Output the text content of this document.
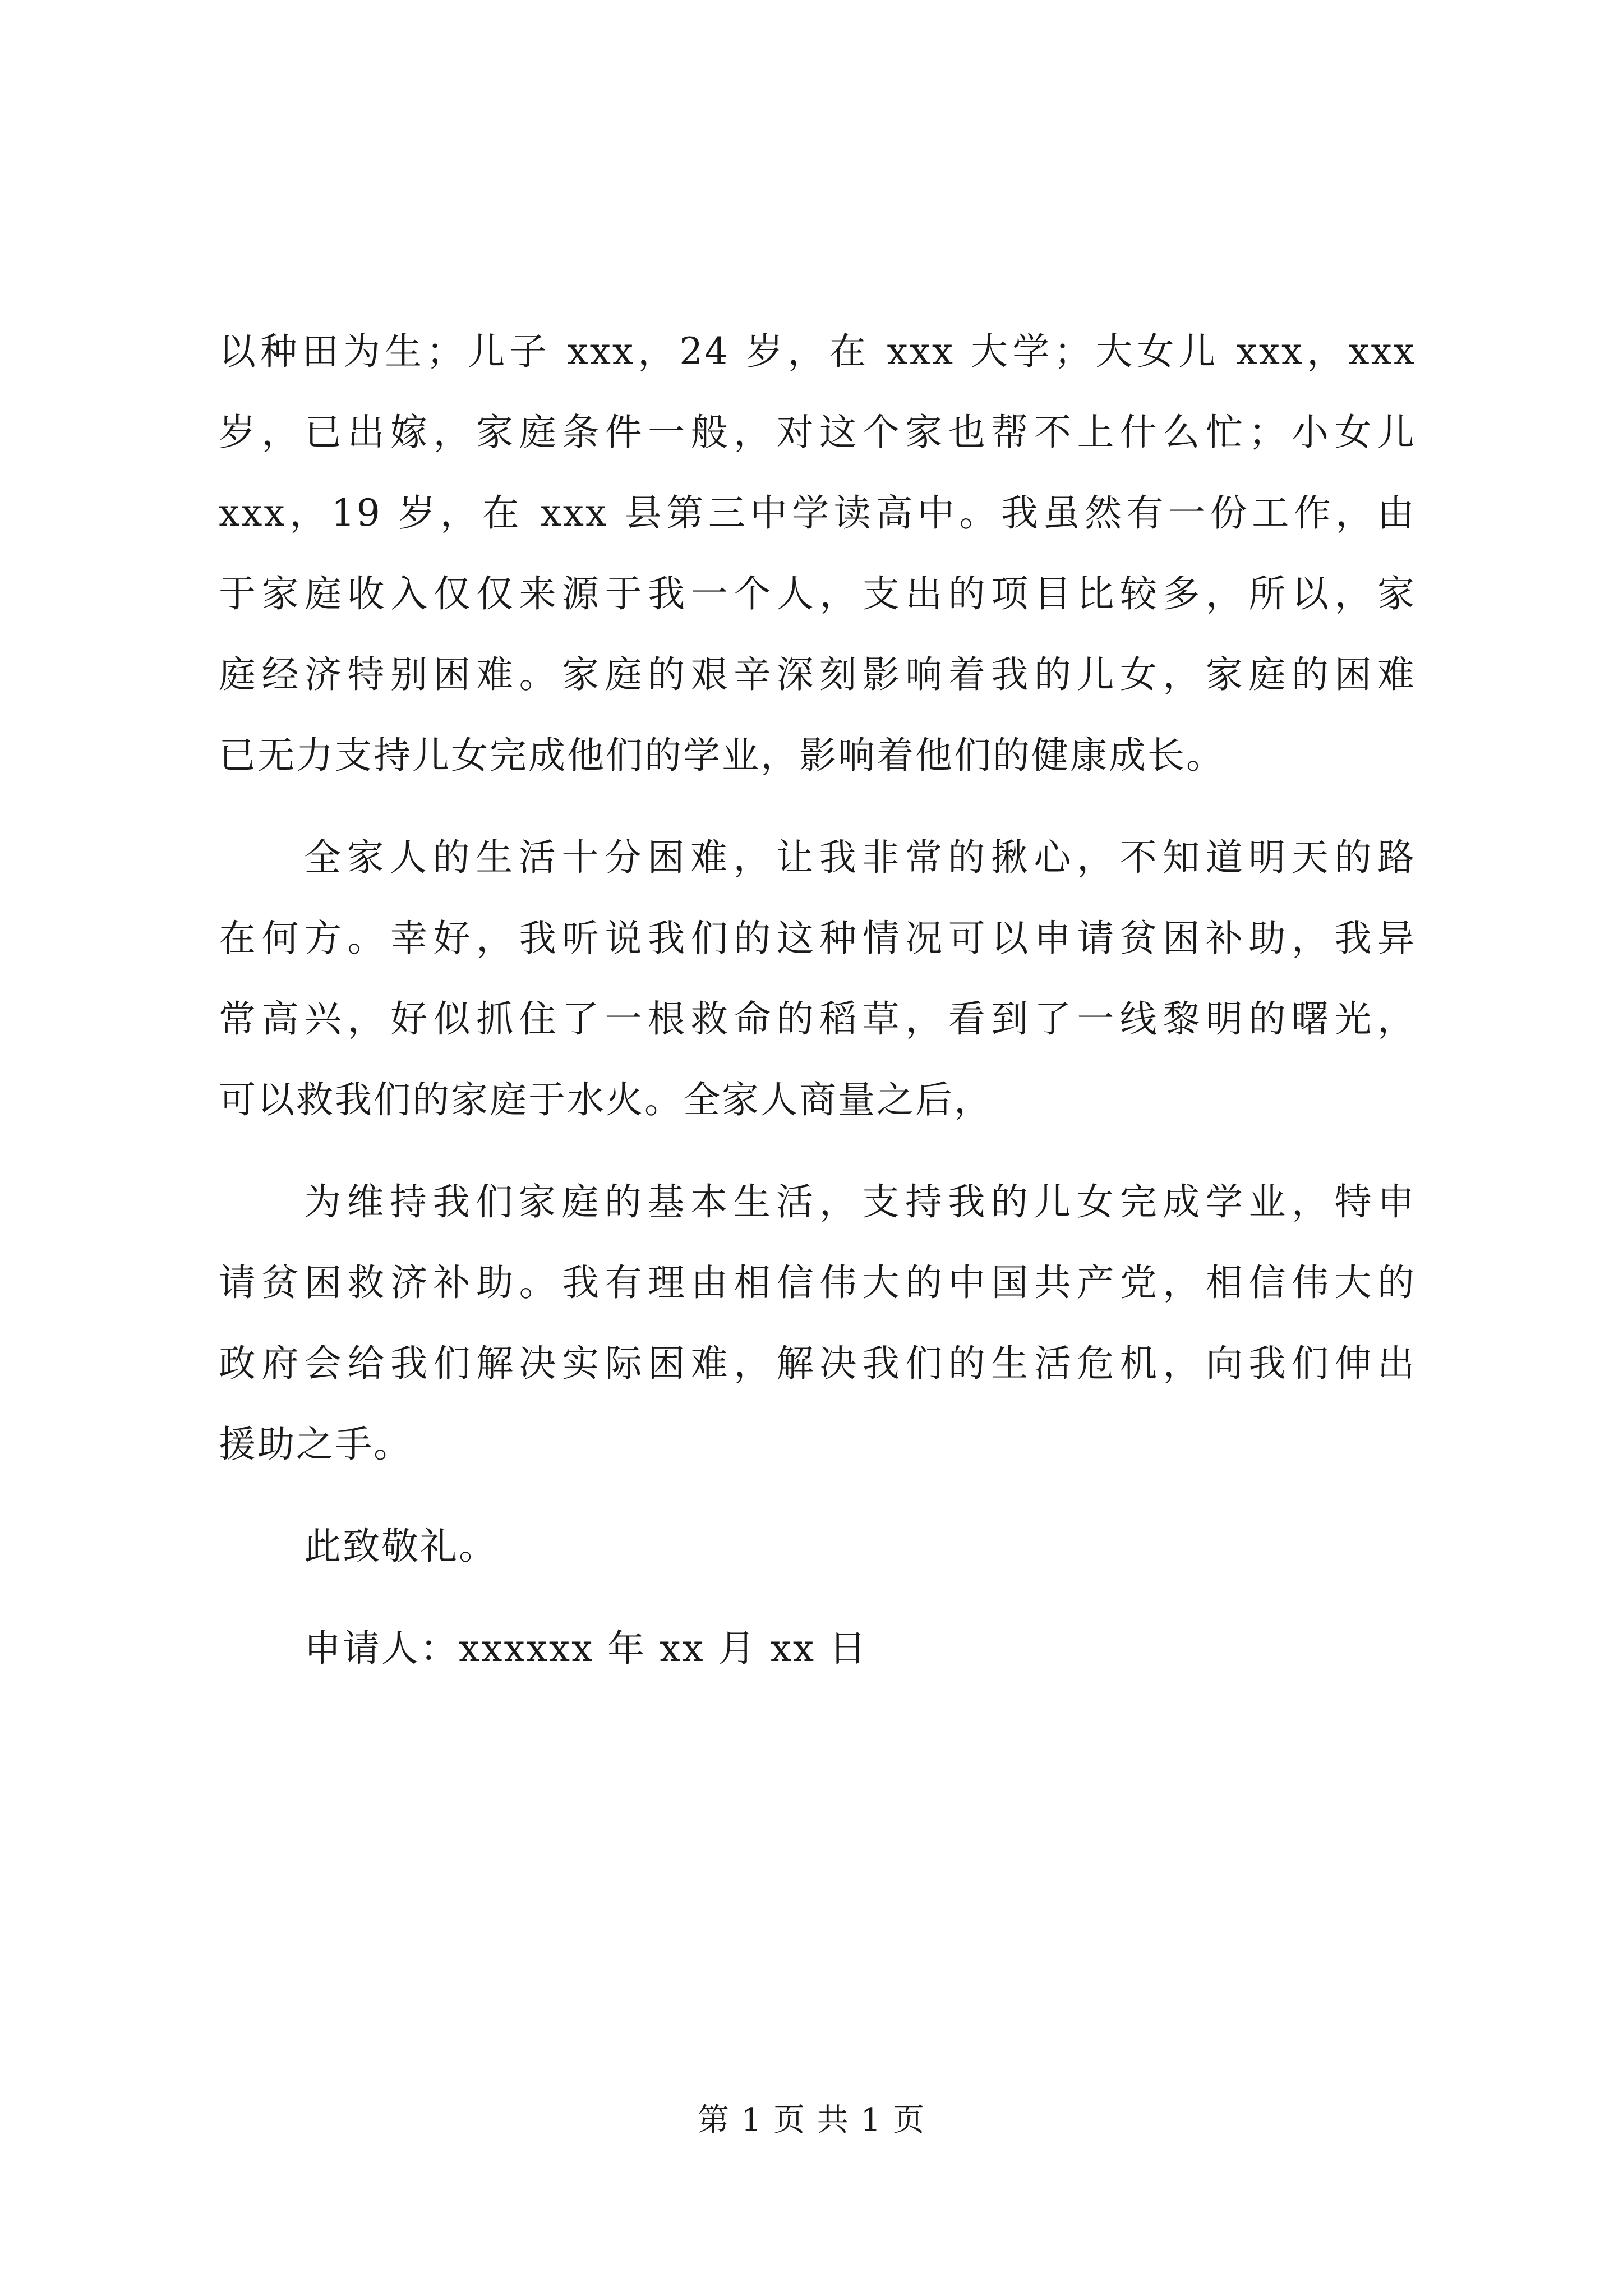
以种田为生；儿子 xxx，24 岁，在 xxx 大学；大女儿 xxx，xxx
岁，已出嫁，家庭条件一般，对这个家也帮不上什么忙；小女儿
xxx，19 岁，在 xxx 县第三中学读高中。我虽然有一份工作，由
于家庭收入仅仅来源于我一个人，支出的项目比较多，所以，家
庭经济特别困难。家庭的艰辛深刻影响着我的儿女，家庭的困难
已无力支持儿女完成他们的学业，影响着他们的健康成长。
全家人的生活十分困难，让我非常的揪心，不知道明天的路
在何方。幸好，我听说我们的这种情况可以申请贫困补助，我异
常高兴，好似抓住了一根救命的稻草，看到了一线黎明的曙光，
可以救我们的家庭于水火。全家人商量之后，
为维持我们家庭的基本生活，支持我的儿女完成学业，特申
请贫困救济补助。我有理由相信伟大的中国共产党，相信伟大的
政府会给我们解决实际困难，解决我们的生活危机，向我们伸出
援助之手。
此致敬礼。
申请人：xxxxxx 年 xx 月 xx 日
第 1 页 共 1 页
